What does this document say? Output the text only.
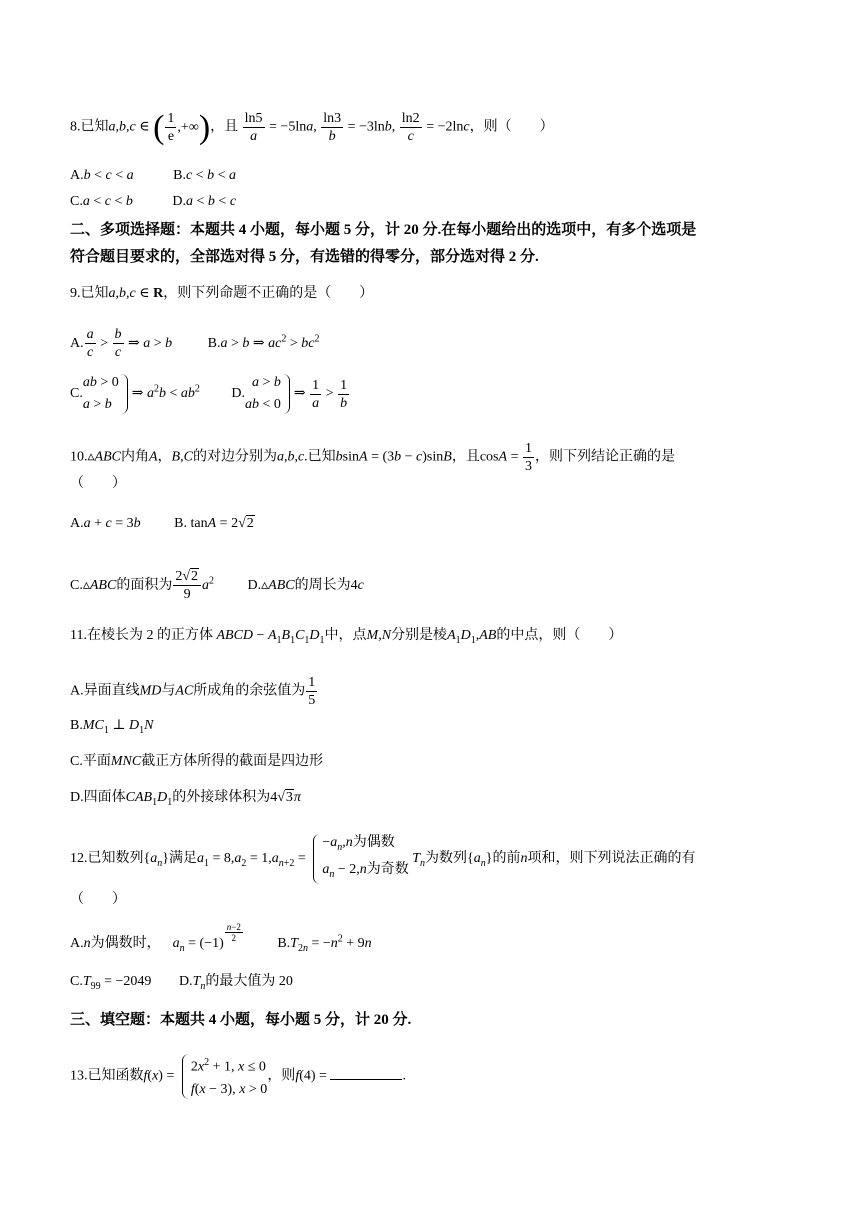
8.已知a,b,c ∈ ( $\frac{1}{e}$ ,+∞ ) ，且 $\frac{\ln 5}{a} = -5\ln a$, $\frac{\ln 3}{b} = -3\ln b$, $\frac{\ln 2}{c} = -2\ln c$，则（　　）
A.b < c < a	B.c < b < a
C.a < c < b	D.a < b < c
二、多项选择题：本题共 4 小题，每小题 5 分，计 20 分.在每小题给出的选项中，有多个选项是
符合题目要求的，全部选对得 5 分，有选错的得零分，部分选对得 2 分.
9.已知a,b,c ∈ R，则下列命题不正确的是（　　）
A. $\frac{a}{c} > \frac{b}{c}$ ⇒ a > b	B.a > b ⇒ $ac^2 > bc^2$
C.
ab > 0
a > b
⇒ $a^2b < ab^2$ D.
a > b
ab < 0
⇒ $\frac{1}{a} > \frac{1}{b}$
10.▵ABC内角A，B,C的对边分别为a,b,c.已知bsinA = (3b − c)sinB，且$\cos A = \frac{1}{3}$ ，则下列结论正确的是
（　　）
A.a + c = 3b B. tanA = 2√2
C.▵ABC的面积为 $\frac{2√2}{9} a^2$ D.▵ABC的周长为4c
11.在棱长为 2 的正方体 ABCD − $A_1B_1C_1D_1$中，点M,N分别是棱$A_1D_1,AB$的中点，则（　　）
A.异面直线MD与AC所成角的余弦值为 $\frac{1}{5}$
$B.MC_1$ ⊥ $D_1N$
C.平面MNC截正方体所得的截面是四边形
D.四面体$CAB_1D_1$的外接球体积为4√3π
12.已知数列$\{a_n\}$满足$a_1 = 8,a_2 = 1,a_{n+2}$ =
$-a_n,n$为偶数
$a_n - 2,n$为奇数
$T_n$为数列$\{a_n\}$的前n项和，则下列说法正确的有
（　　）
A.n为偶数时， $a_n = (-1)$ $^{\frac{n-2}{2}}$ $B.T_{2n} = -n^2 + 9n$
$C.T_{99} = -2049$ $D.T_n$的最大值为 20
三、填空题：本题共 4 小题，每小题 5 分，计 20 分.
13.已知函数f(x) =
$2x^2 + 1$, x ≤ 0
f(x − 3), x > 0
，则f(4) =	.
